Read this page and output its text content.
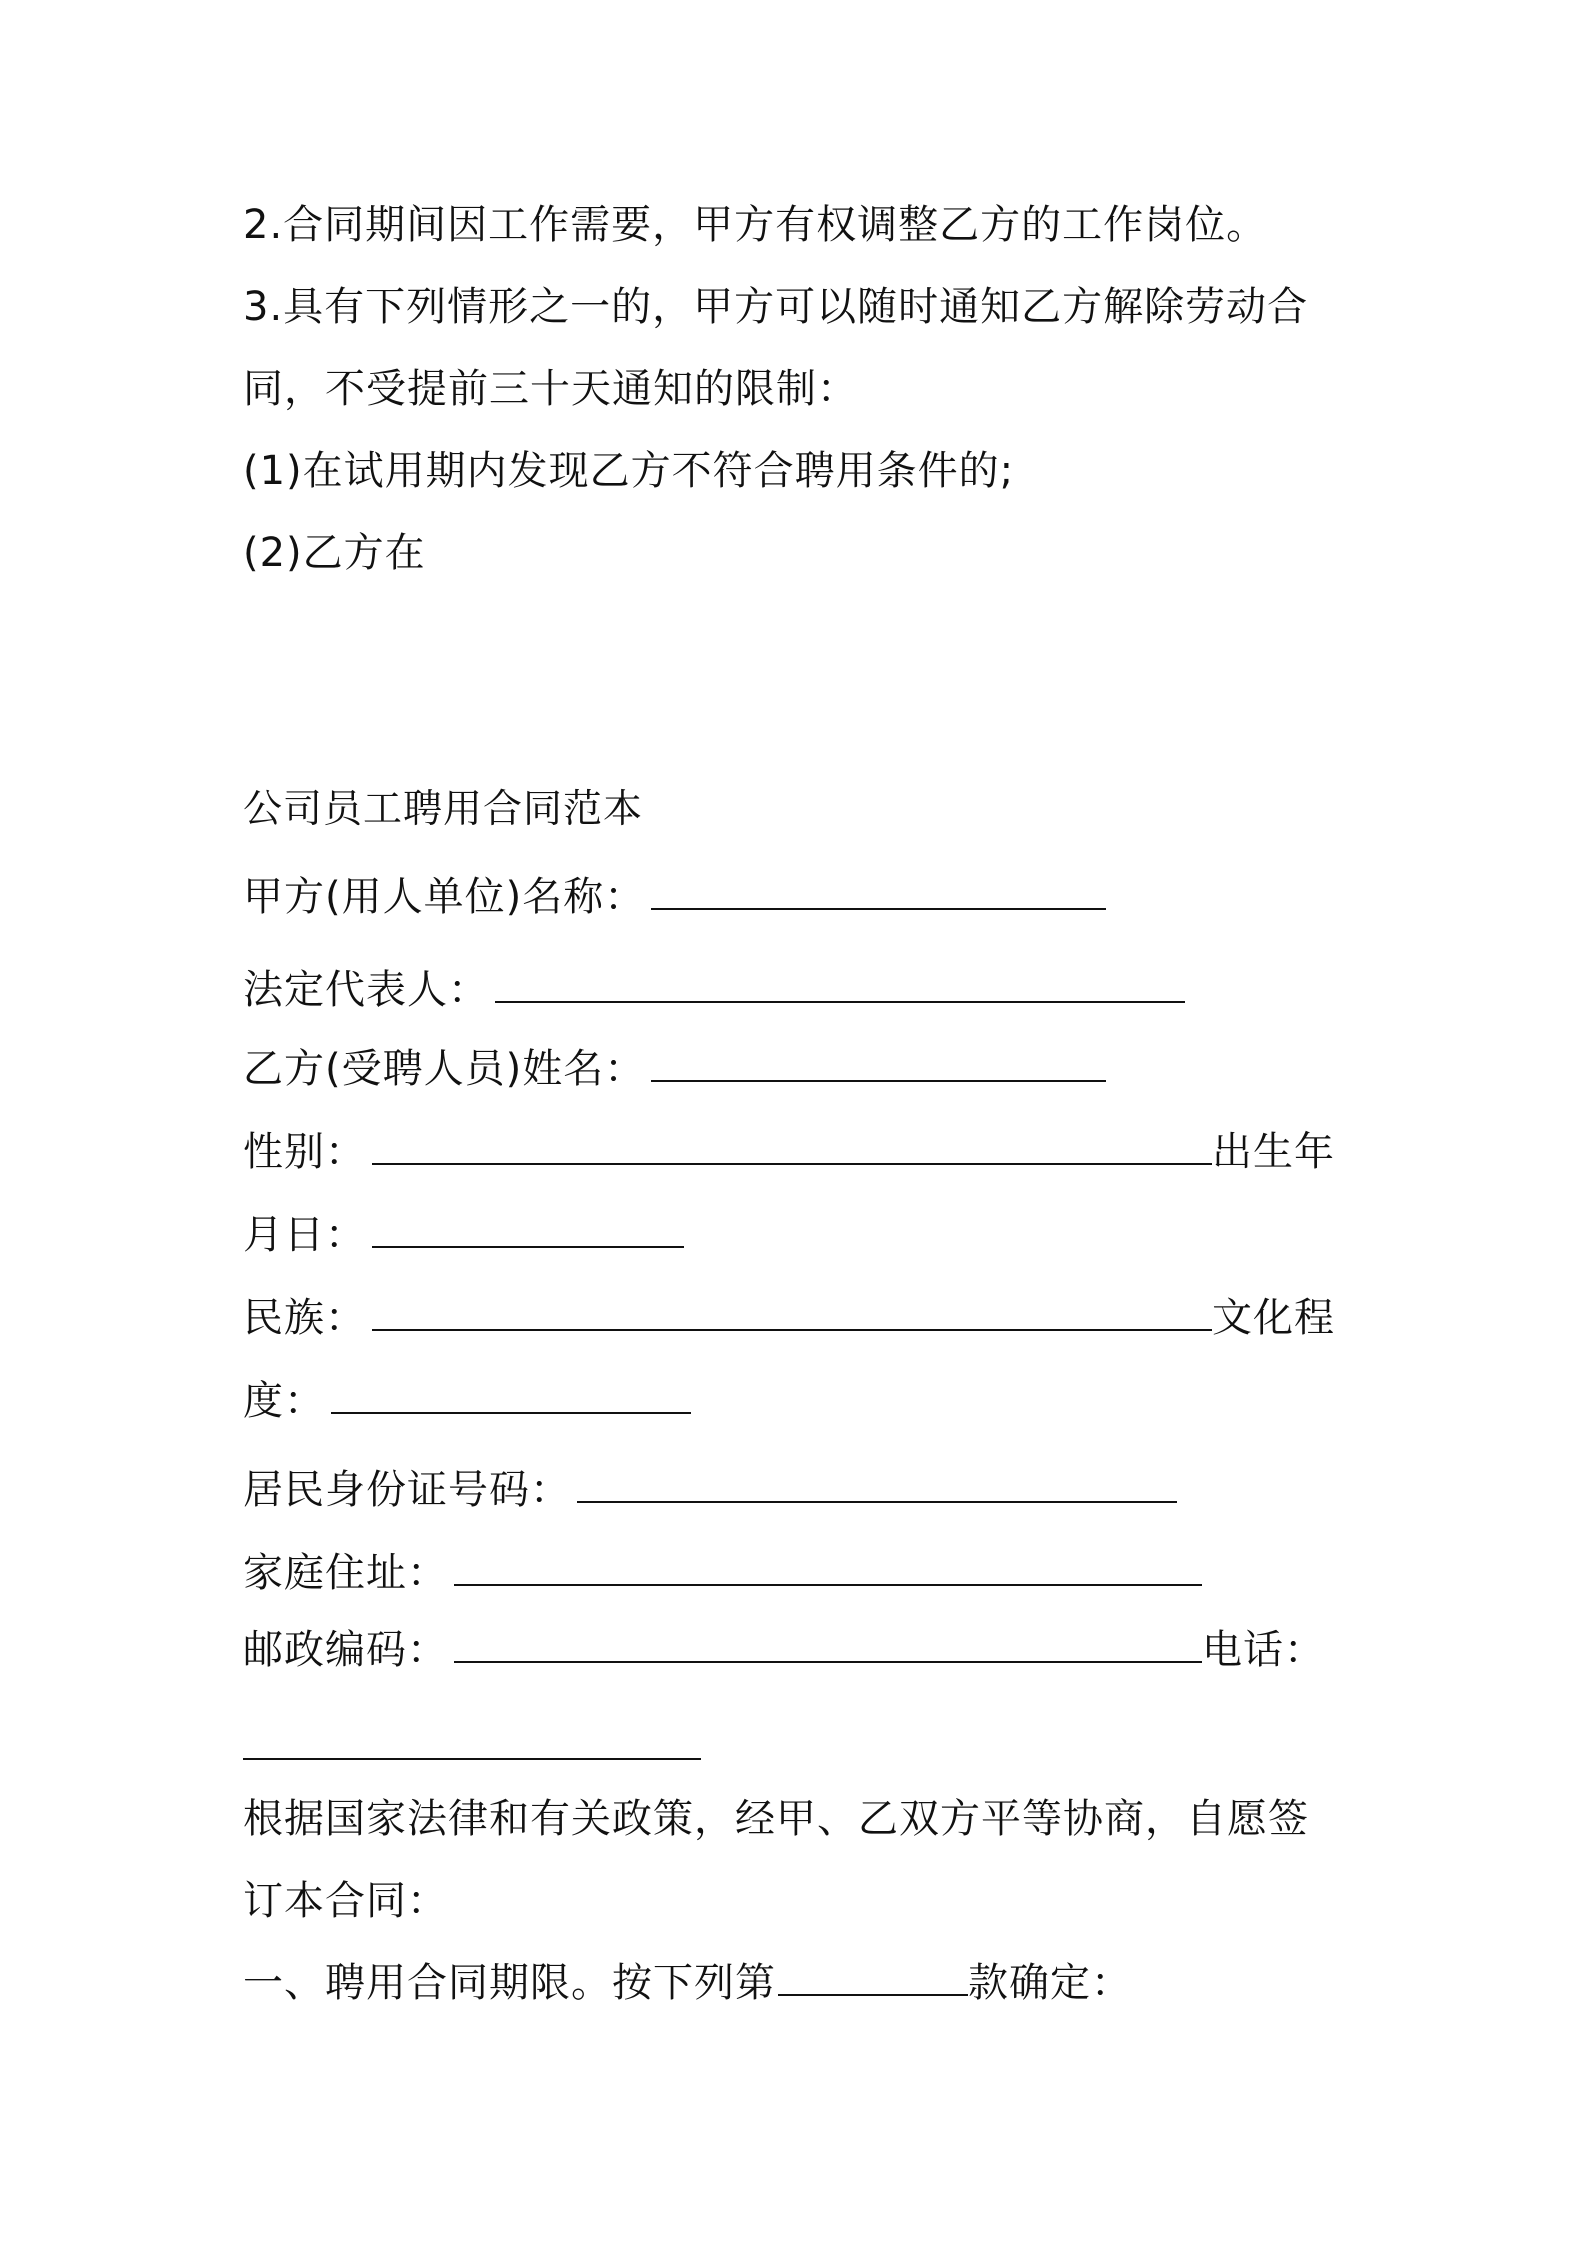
2.合同期间因工作需要，甲方有权调整乙方的工作岗位。
3.具有下列情形之一的，甲方可以随时通知乙方解除劳动合
同，不受提前三十天通知的限制：
(1)在试用期内发现乙方不符合聘用条件的;
(2)乙方在
公司员工聘用合同范本
甲方(用人单位)名称：
法定代表人：
乙方(受聘人员)姓名：
性别：	出生年
月日：
民族：	文化程
度：
居民身份证号码：
家庭住址：
邮政编码：	电话：
根据国家法律和有关政策，经甲、乙双方平等协商，自愿签
订本合同：
一、聘用合同期限。按下列第	款确定：
